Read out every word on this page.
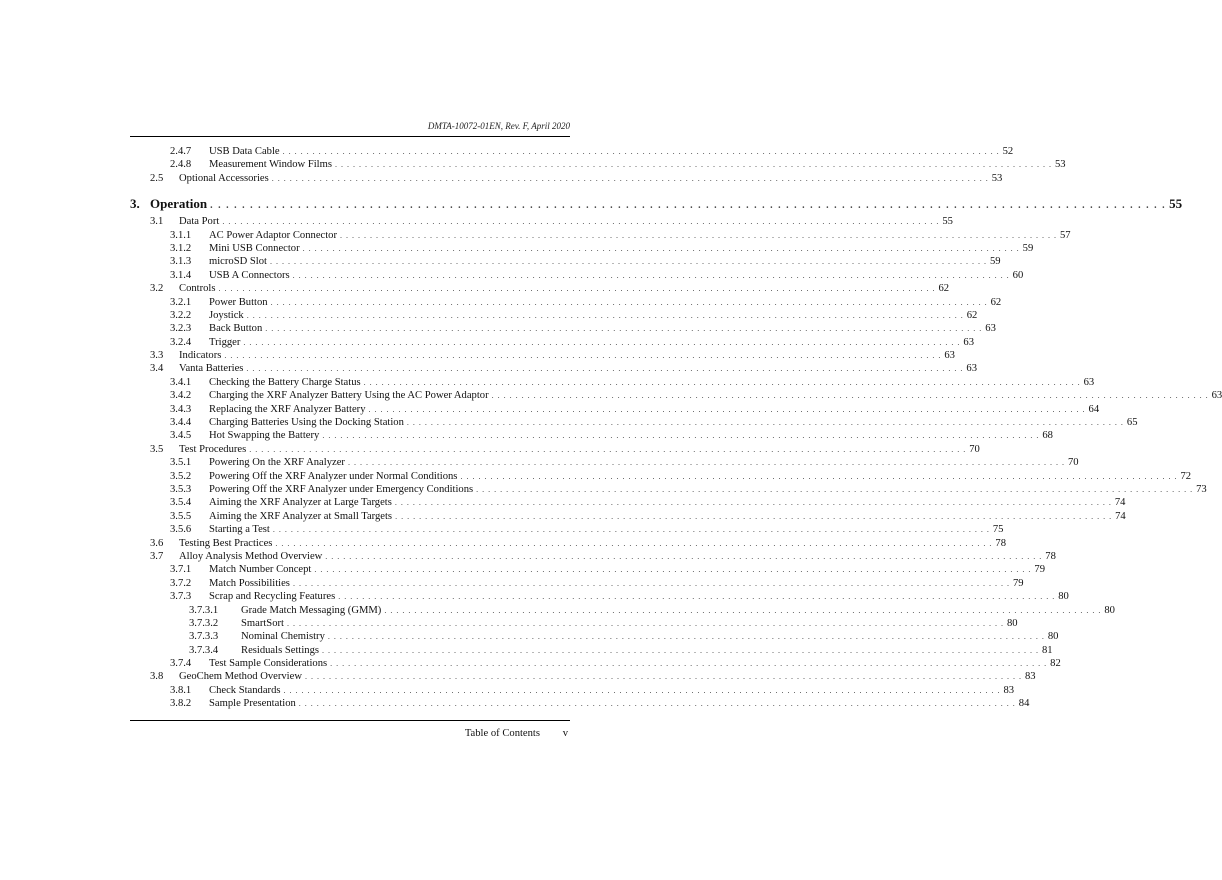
DMTA-10072-01EN, Rev. F, April 2020
2.4.7 USB Data Cable . . . . . . . . . . . . . . . . . . . . . . . . . . . . . . . . . . . . . . . . . . . . . . . . . . . . . . . . . . . . . . . . . . . . . . . . . . . . . . . . . . . . . . . . . . . . . . . . . . . . . . . . . . . . . . . . . . . . . . . . 52
2.4.8 Measurement Window Films . . . . . . . . . . . . . . . . . . . . . . . . . . . . . . . . . . . . . . . . . . . . . . . . . . . . . . . . . . . . . . . . . . . . . . . . . . . . . . . . . . . . . . . . . . . . . . . . . . . . . . . . . . . . . . . . . . . . . . . . 53
2.5 Optional Accessories . . . . . . . . . . . . . . . . . . . . . . . . . . . . . . . . . . . . . . . . . . . . . . . . . . . . . . . . . . . . . . . . . . . . . . . . . . . . . . . . . . . . . . . . . . . . . . . . . . . . . . . . . . . . . . . . . . . . . . . . 53
3. Operation . . . . . . . . . . . . . . . . . . . . . . . . . . . . . . . . . . . . . . . . . . . . . . . . . . . . . . . . . . . . . . . . . . . . . . . . . . . . . . . . . . . . . . . . . . . . . . . . . . . . . . . . . . . . . . . . . . . . . . . . 55
3.1 Data Port . . . . . . . . . . . . . . . . . . . . . . . . . . . . . . . . . . . . . . . . . . . . . . . . . . . . . . . . . . . . . . . . . . . . . . . . . . . . . . . . . . . . . . . . . . . . . . . . . . . . . . . . . . . . . . . . . . . . . . . . 55
3.1.1 AC Power Adaptor Connector . . . . . . . . . . . . . . . . . . . . . . . . . . . . . . . . . . . . . . . . . . . . . . . . . . . . . . . . . . . . . . . . . . . . . . . . . . . . . . . . . . . . . . . . . . . . . . . . . . . . . . . . . . . . . . . . . . . . . . . . 57
3.1.2 Mini USB Connector . . . . . . . . . . . . . . . . . . . . . . . . . . . . . . . . . . . . . . . . . . . . . . . . . . . . . . . . . . . . . . . . . . . . . . . . . . . . . . . . . . . . . . . . . . . . . . . . . . . . . . . . . . . . . . . . . . . . . . . . 59
3.1.3 microSD Slot . . . . . . . . . . . . . . . . . . . . . . . . . . . . . . . . . . . . . . . . . . . . . . . . . . . . . . . . . . . . . . . . . . . . . . . . . . . . . . . . . . . . . . . . . . . . . . . . . . . . . . . . . . . . . . . . . . . . . . . . 59
3.1.4 USB A Connectors . . . . . . . . . . . . . . . . . . . . . . . . . . . . . . . . . . . . . . . . . . . . . . . . . . . . . . . . . . . . . . . . . . . . . . . . . . . . . . . . . . . . . . . . . . . . . . . . . . . . . . . . . . . . . . . . . . . . . . . . 60
3.2 Controls . . . . . . . . . . . . . . . . . . . . . . . . . . . . . . . . . . . . . . . . . . . . . . . . . . . . . . . . . . . . . . . . . . . . . . . . . . . . . . . . . . . . . . . . . . . . . . . . . . . . . . . . . . . . . . . . . . . . . . . . 62
3.2.1 Power Button . . . . . . . . . . . . . . . . . . . . . . . . . . . . . . . . . . . . . . . . . . . . . . . . . . . . . . . . . . . . . . . . . . . . . . . . . . . . . . . . . . . . . . . . . . . . . . . . . . . . . . . . . . . . . . . . . . . . . . . . 62
3.2.2 Joystick . . . . . . . . . . . . . . . . . . . . . . . . . . . . . . . . . . . . . . . . . . . . . . . . . . . . . . . . . . . . . . . . . . . . . . . . . . . . . . . . . . . . . . . . . . . . . . . . . . . . . . . . . . . . . . . . . . . . . . . . 62
3.2.3 Back Button . . . . . . . . . . . . . . . . . . . . . . . . . . . . . . . . . . . . . . . . . . . . . . . . . . . . . . . . . . . . . . . . . . . . . . . . . . . . . . . . . . . . . . . . . . . . . . . . . . . . . . . . . . . . . . . . . . . . . . . . 63
3.2.4 Trigger . . . . . . . . . . . . . . . . . . . . . . . . . . . . . . . . . . . . . . . . . . . . . . . . . . . . . . . . . . . . . . . . . . . . . . . . . . . . . . . . . . . . . . . . . . . . . . . . . . . . . . . . . . . . . . . . . . . . . . . . 63
3.3 Indicators . . . . . . . . . . . . . . . . . . . . . . . . . . . . . . . . . . . . . . . . . . . . . . . . . . . . . . . . . . . . . . . . . . . . . . . . . . . . . . . . . . . . . . . . . . . . . . . . . . . . . . . . . . . . . . . . . . . . . . . . 63
3.4 Vanta Batteries . . . . . . . . . . . . . . . . . . . . . . . . . . . . . . . . . . . . . . . . . . . . . . . . . . . . . . . . . . . . . . . . . . . . . . . . . . . . . . . . . . . . . . . . . . . . . . . . . . . . . . . . . . . . . . . . . . . . . . . . 63
3.4.1 Checking the Battery Charge Status . . . . . . . . . . . . . . . . . . . . . . . . . . . . . . . . . . . . . . . . . . . . . . . . . . . . . . . . . . . . . . . . . . . . . . . . . . . . . . . . . . . . . . . . . . . . . . . . . . . . . . . . . . . . . . . . . . . . . . . . 63
3.4.2 Charging the XRF Analyzer Battery Using the AC Power Adaptor . . . . . . . . . . . . . . . . . . . . . . . . . . . . . . . . . . . . . . . . . . . . . . . . . . . . . . . . . . . . . . . . . . . . . . . . . . . . . . . . . . . . . . . . . . . . . . . . . . . . . . . . . . . . . . . . . . . . . . . . 63
3.4.3 Replacing the XRF Analyzer Battery . . . . . . . . . . . . . . . . . . . . . . . . . . . . . . . . . . . . . . . . . . . . . . . . . . . . . . . . . . . . . . . . . . . . . . . . . . . . . . . . . . . . . . . . . . . . . . . . . . . . . . . . . . . . . . . . . . . . . . . . 64
3.4.4 Charging Batteries Using the Docking Station . . . . . . . . . . . . . . . . . . . . . . . . . . . . . . . . . . . . . . . . . . . . . . . . . . . . . . . . . . . . . . . . . . . . . . . . . . . . . . . . . . . . . . . . . . . . . . . . . . . . . . . . . . . . . . . . . . . . . . . . 65
3.4.5 Hot Swapping the Battery . . . . . . . . . . . . . . . . . . . . . . . . . . . . . . . . . . . . . . . . . . . . . . . . . . . . . . . . . . . . . . . . . . . . . . . . . . . . . . . . . . . . . . . . . . . . . . . . . . . . . . . . . . . . . . . . . . . . . . . . 68
3.5 Test Procedures . . . . . . . . . . . . . . . . . . . . . . . . . . . . . . . . . . . . . . . . . . . . . . . . . . . . . . . . . . . . . . . . . . . . . . . . . . . . . . . . . . . . . . . . . . . . . . . . . . . . . . . . . . . . . . . . . . . . . . . . 70
3.5.1 Powering On the XRF Analyzer . . . . . . . . . . . . . . . . . . . . . . . . . . . . . . . . . . . . . . . . . . . . . . . . . . . . . . . . . . . . . . . . . . . . . . . . . . . . . . . . . . . . . . . . . . . . . . . . . . . . . . . . . . . . . . . . . . . . . . . . 70
3.5.2 Powering Off the XRF Analyzer under Normal Conditions . . . . . . . . . . . . . . . . . . . . . . . . . . . . . . . . . . . . . . . . . . . . . . . . . . . . . . . . . . . . . . . . . . . . . . . . . . . . . . . . . . . . . . . . . . . . . . . . . . . . . . . . . . . . . . . . . . . . . . . . 72
3.5.3 Powering Off the XRF Analyzer under Emergency Conditions . . . . . . . . . . . . . . . . . . . . . . . . . . . . . . . . . . . . . . . . . . . . . . . . . . . . . . . . . . . . . . . . . . . . . . . . . . . . . . . . . . . . . . . . . . . . . . . . . . . . . . . . . . . . . . . . . . . . . . . . 73
3.5.4 Aiming the XRF Analyzer at Large Targets . . . . . . . . . . . . . . . . . . . . . . . . . . . . . . . . . . . . . . . . . . . . . . . . . . . . . . . . . . . . . . . . . . . . . . . . . . . . . . . . . . . . . . . . . . . . . . . . . . . . . . . . . . . . . . . . . . . . . . . . 74
3.5.5 Aiming the XRF Analyzer at Small Targets . . . . . . . . . . . . . . . . . . . . . . . . . . . . . . . . . . . . . . . . . . . . . . . . . . . . . . . . . . . . . . . . . . . . . . . . . . . . . . . . . . . . . . . . . . . . . . . . . . . . . . . . . . . . . . . . . . . . . . . . 74
3.5.6 Starting a Test . . . . . . . . . . . . . . . . . . . . . . . . . . . . . . . . . . . . . . . . . . . . . . . . . . . . . . . . . . . . . . . . . . . . . . . . . . . . . . . . . . . . . . . . . . . . . . . . . . . . . . . . . . . . . . . . . . . . . . . . 75
3.6 Testing Best Practices . . . . . . . . . . . . . . . . . . . . . . . . . . . . . . . . . . . . . . . . . . . . . . . . . . . . . . . . . . . . . . . . . . . . . . . . . . . . . . . . . . . . . . . . . . . . . . . . . . . . . . . . . . . . . . . . . . . . . . . . 78
3.7 Alloy Analysis Method Overview . . . . . . . . . . . . . . . . . . . . . . . . . . . . . . . . . . . . . . . . . . . . . . . . . . . . . . . . . . . . . . . . . . . . . . . . . . . . . . . . . . . . . . . . . . . . . . . . . . . . . . . . . . . . . . . . . . . . . . . . 78
3.7.1 Match Number Concept . . . . . . . . . . . . . . . . . . . . . . . . . . . . . . . . . . . . . . . . . . . . . . . . . . . . . . . . . . . . . . . . . . . . . . . . . . . . . . . . . . . . . . . . . . . . . . . . . . . . . . . . . . . . . . . . . . . . . . . . 79
3.7.2 Match Possibilities . . . . . . . . . . . . . . . . . . . . . . . . . . . . . . . . . . . . . . . . . . . . . . . . . . . . . . . . . . . . . . . . . . . . . . . . . . . . . . . . . . . . . . . . . . . . . . . . . . . . . . . . . . . . . . . . . . . . . . . . 79
3.7.3 Scrap and Recycling Features . . . . . . . . . . . . . . . . . . . . . . . . . . . . . . . . . . . . . . . . . . . . . . . . . . . . . . . . . . . . . . . . . . . . . . . . . . . . . . . . . . . . . . . . . . . . . . . . . . . . . . . . . . . . . . . . . . . . . . . . 80
3.7.3.1 Grade Match Messaging (GMM) . . . . . . . . . . . . . . . . . . . . . . . . . . . . . . . . . . . . . . . . . . . . . . . . . . . . . . . . . . . . . . . . . . . . . . . . . . . . . . . . . . . . . . . . . . . . . . . . . . . . . . . . . . . . . . . . . . . . . . . . 80
3.7.3.2 SmartSort . . . . . . . . . . . . . . . . . . . . . . . . . . . . . . . . . . . . . . . . . . . . . . . . . . . . . . . . . . . . . . . . . . . . . . . . . . . . . . . . . . . . . . . . . . . . . . . . . . . . . . . . . . . . . . . . . . . . . . . . 80
3.7.3.3 Nominal Chemistry . . . . . . . . . . . . . . . . . . . . . . . . . . . . . . . . . . . . . . . . . . . . . . . . . . . . . . . . . . . . . . . . . . . . . . . . . . . . . . . . . . . . . . . . . . . . . . . . . . . . . . . . . . . . . . . . . . . . . . . . 80
3.7.3.4 Residuals Settings . . . . . . . . . . . . . . . . . . . . . . . . . . . . . . . . . . . . . . . . . . . . . . . . . . . . . . . . . . . . . . . . . . . . . . . . . . . . . . . . . . . . . . . . . . . . . . . . . . . . . . . . . . . . . . . . . . . . . . . . 81
3.7.4 Test Sample Considerations . . . . . . . . . . . . . . . . . . . . . . . . . . . . . . . . . . . . . . . . . . . . . . . . . . . . . . . . . . . . . . . . . . . . . . . . . . . . . . . . . . . . . . . . . . . . . . . . . . . . . . . . . . . . . . . . . . . . . . . . 82
3.8 GeoChem Method Overview . . . . . . . . . . . . . . . . . . . . . . . . . . . . . . . . . . . . . . . . . . . . . . . . . . . . . . . . . . . . . . . . . . . . . . . . . . . . . . . . . . . . . . . . . . . . . . . . . . . . . . . . . . . . . . . . . . . . . . . . 83
3.8.1 Check Standards . . . . . . . . . . . . . . . . . . . . . . . . . . . . . . . . . . . . . . . . . . . . . . . . . . . . . . . . . . . . . . . . . . . . . . . . . . . . . . . . . . . . . . . . . . . . . . . . . . . . . . . . . . . . . . . . . . . . . . . . 83
3.8.2 Sample Presentation . . . . . . . . . . . . . . . . . . . . . . . . . . . . . . . . . . . . . . . . . . . . . . . . . . . . . . . . . . . . . . . . . . . . . . . . . . . . . . . . . . . . . . . . . . . . . . . . . . . . . . . . . . . . . . . . . . . . . . . . 84
Table of Contents v
